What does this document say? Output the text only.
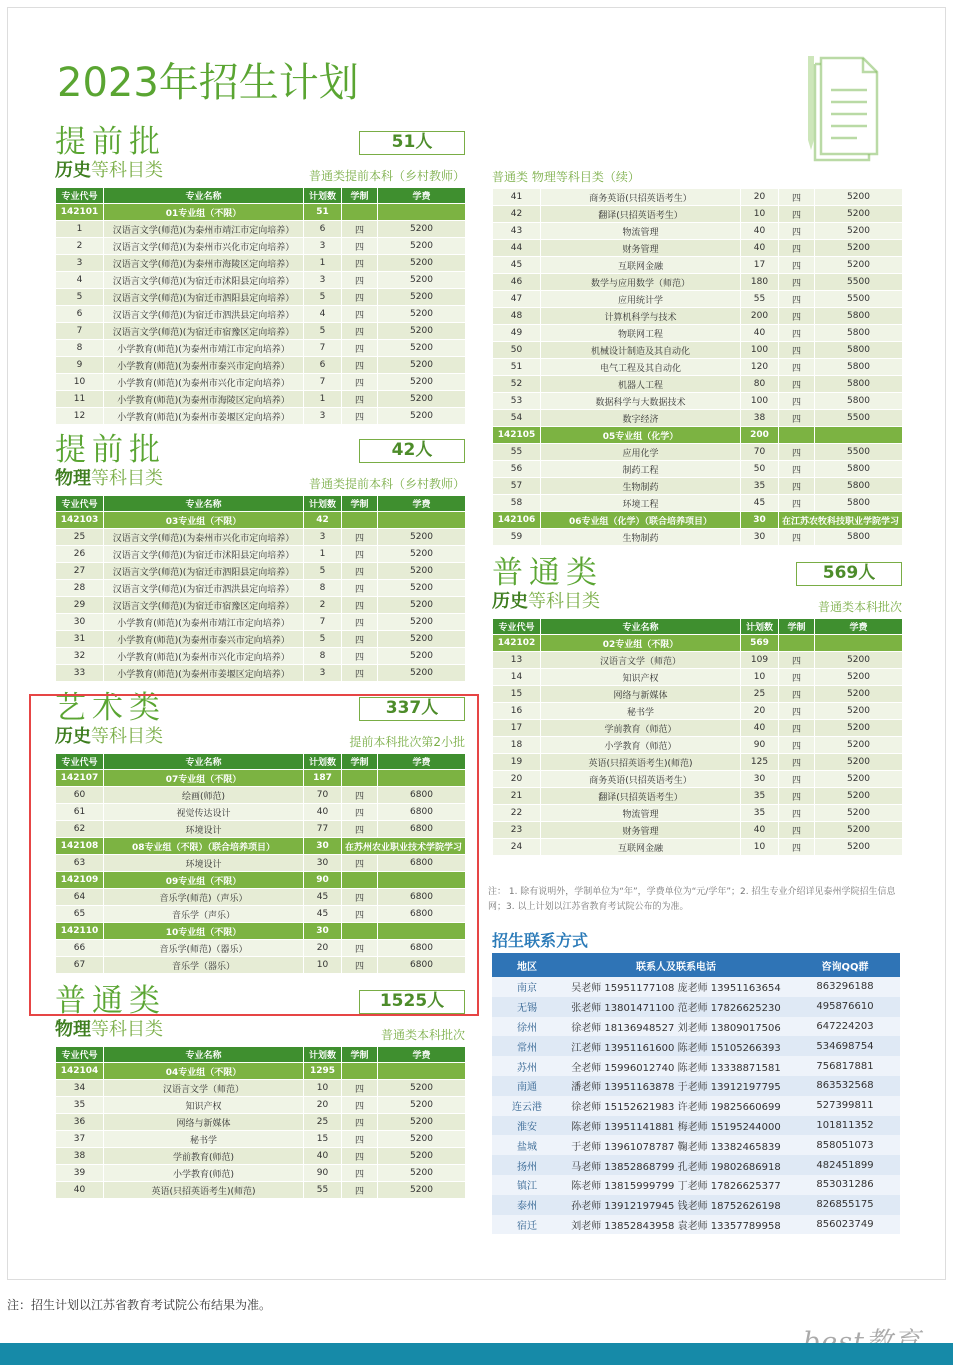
2023年招生计划
提前批	51人
历史等科目类	普通类提前本科（乡村教师）
专业代号	专业名称	计划数	学制	学费
142101	01专业组（不限）	51		
1	汉语言文学(师范)(为泰州市靖江市定向培养）	6	四	5200
2	汉语言文学(师范)(为泰州市兴化市定向培养）	3	四	5200
3	汉语言文学(师范)(为泰州市海陵区定向培养）	1	四	5200
4	汉语言文学(师范)(为宿迁市沭阳县定向培养）	3	四	5200
5	汉语言文学(师范)(为宿迁市泗阳县定向培养）	5	四	5200
6	汉语言文学(师范)(为宿迁市泗洪县定向培养）	4	四	5200
7	汉语言文学(师范)(为宿迁市宿豫区定向培养）	5	四	5200
8	小学教育(师范)(为泰州市靖江市定向培养）	7	四	5200
9	小学教育(师范)(为泰州市泰兴市定向培养）	6	四	5200
10	小学教育(师范)(为泰州市兴化市定向培养）	7	四	5200
11	小学教育(师范)(为泰州市海陵区定向培养）	1	四	5200
12	小学教育(师范)(为泰州市姜堰区定向培养）	3	四	5200
提前批	42人
物理等科目类	普通类提前本科（乡村教师）
专业代号	专业名称	计划数	学制	学费
142103	03专业组（不限）	42		
25	汉语言文学(师范)(为泰州市兴化市定向培养）	3	四	5200
26	汉语言文学(师范)(为宿迁市沭阳县定向培养）	1	四	5200
27	汉语言文学(师范)(为宿迁市泗阳县定向培养）	5	四	5200
28	汉语言文学(师范)(为宿迁市泗洪县定向培养）	8	四	5200
29	汉语言文学(师范)(为宿迁市宿豫区定向培养）	2	四	5200
30	小学教育(师范)(为泰州市靖江市定向培养）	7	四	5200
31	小学教育(师范)(为泰州市泰兴市定向培养）	5	四	5200
32	小学教育(师范)(为泰州市兴化市定向培养）	8	四	5200
33	小学教育(师范)(为泰州市姜堰区定向培养）	3	四	5200
艺术类	337人
历史等科目类	提前本科批次第2小批
专业代号	专业名称	计划数	学制	学费
142107	07专业组（不限）	187		
60	绘画(师范)	70	四	6800
61	视觉传达设计	40	四	6800
62	环境设计	77	四	6800
142108	08专业组（不限）（联合培养项目）	30	在苏州农业职业技术学院学习	
63	环境设计	30	四	6800
142109	09专业组（不限）	90		
64	音乐学(师范)（声乐）	45	四	6800
65	音乐学（声乐）	45	四	6800
142110	10专业组（不限）	30		
66	音乐学(师范)（器乐）	20	四	6800
67	音乐学（器乐）	10	四	6800
普通类	1525人
物理等科目类	普通类本科批次
专业代号	专业名称	计划数	学制	学费
142104	04专业组（不限）	1295		
34	汉语言文学（师范）	10	四	5200
35	知识产权	20	四	5200
36	网络与新媒体	25	四	5200
37	秘书学	15	四	5200
38	学前教育(师范)	40	四	5200
39	小学教育(师范)	90	四	5200
40	英语(只招英语考生)(师范)	55	四	5200
普通类 物理等科目类（续）
41	商务英语(只招英语考生）	20	四	5200
42	翻译(只招英语考生）	10	四	5200
43	物流管理	40	四	5200
44	财务管理	40	四	5200
45	互联网金融	17	四	5200
46	数学与应用数学（师范）	180	四	5500
47	应用统计学	55	四	5500
48	计算机科学与技术	200	四	5800
49	物联网工程	40	四	5800
50	机械设计制造及其自动化	100	四	5800
51	电气工程及其自动化	120	四	5800
52	机器人工程	80	四	5800
53	数据科学与大数据技术	100	四	5800
54	数字经济	38	四	5500
142105	05专业组（化学）	200		
55	应用化学	70	四	5500
56	制药工程	50	四	5800
57	生物制药	35	四	5800
58	环境工程	45	四	5800
142106	06专业组（化学）（联合培养项目）	30	在江苏农牧科技职业学院学习	
59	生物制药	30	四	5800
普通类	569人
历史等科目类	普通类本科批次
专业代号	专业名称	计划数	学制	学费
142102	02专业组（不限）	569		
13	汉语言文学（师范）	109	四	5200
14	知识产权	10	四	5200
15	网络与新媒体	25	四	5200
16	秘书学	20	四	5200
17	学前教育（师范）	40	四	5200
18	小学教育（师范）	90	四	5200
19	英语(只招英语考生)(师范)	125	四	5200
20	商务英语(只招英语考生）	30	四	5200
21	翻译(只招英语考生）	35	四	5200
22	物流管理	35	四	5200
23	财务管理	40	四	5200
24	互联网金融	10	四	5200
注： 1. 除有说明外，学制单位为“年”，学费单位为“元/学年”；2. 招生专业介绍详见泰州学院招生信息网；3. 以上计划以江苏省教育考试院公布的为准。
招生联系方式
地区	联系人及联系电话	咨询QQ群
南京	吴老师 15951177108 庞老师 13951163654	863296188
无锡	张老师 13801471100 范老师 17826625230	495876610
徐州	徐老师 18136948527 刘老师 13809017506	647224203
常州	江老师 13951161600 陈老师 15105266393	534698754
苏州	全老师 15996012740 陈老师 13338871581	756817881
南通	潘老师 13951163878 于老师 13912197795	863532568
连云港	徐老师 15152621983 许老师 19825660699	527399811
淮安	陈老师 13951141881 梅老师 15195244000	101811352
盐城	于老师 13961078787 鞠老师 13382465839	858051073
扬州	马老师 13852868799 孔老师 19802686918	482451899
镇江	陈老师 13815999799 丁老师 17826625377	853031286
泰州	孙老师 13912197945 钱老师 18752626198	826855175
宿迁	刘老师 13852843958 袁老师 13357789958	856023749
注：招生计划以江苏省教育考试院公布结果为准。
